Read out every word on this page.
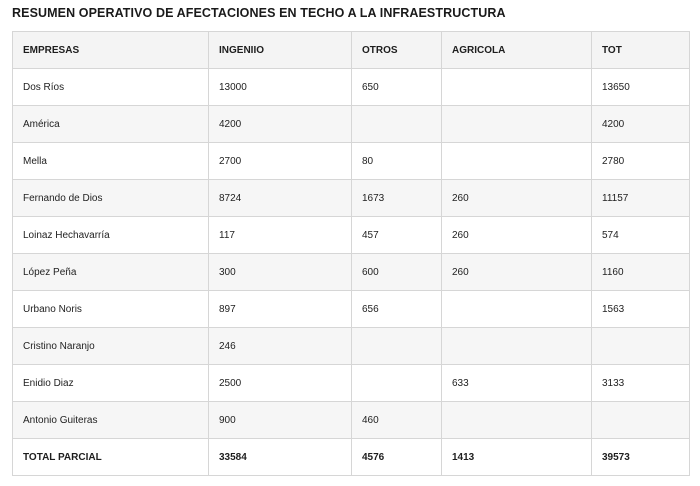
RESUMEN OPERATIVO DE AFECTACIONES EN TECHO A LA INFRAESTRUCTURA
EMPRESAS	INGENIIO	OTROS	AGRICOLA	TOT
Dos Ríos	13000	650		13650
América	4200			4200
Mella	2700	80		2780
Fernando de Dios	8724	1673	260	11157
Loinaz Hechavarría	117	457	260	574
López Peña	300	600	260	1160
Urbano Noris	897	656		1563
Cristino Naranjo	246			
Enidio Diaz	2500		633	3133
Antonio Guiteras	900	460		
TOTAL PARCIAL	33584	4576	1413	39573
